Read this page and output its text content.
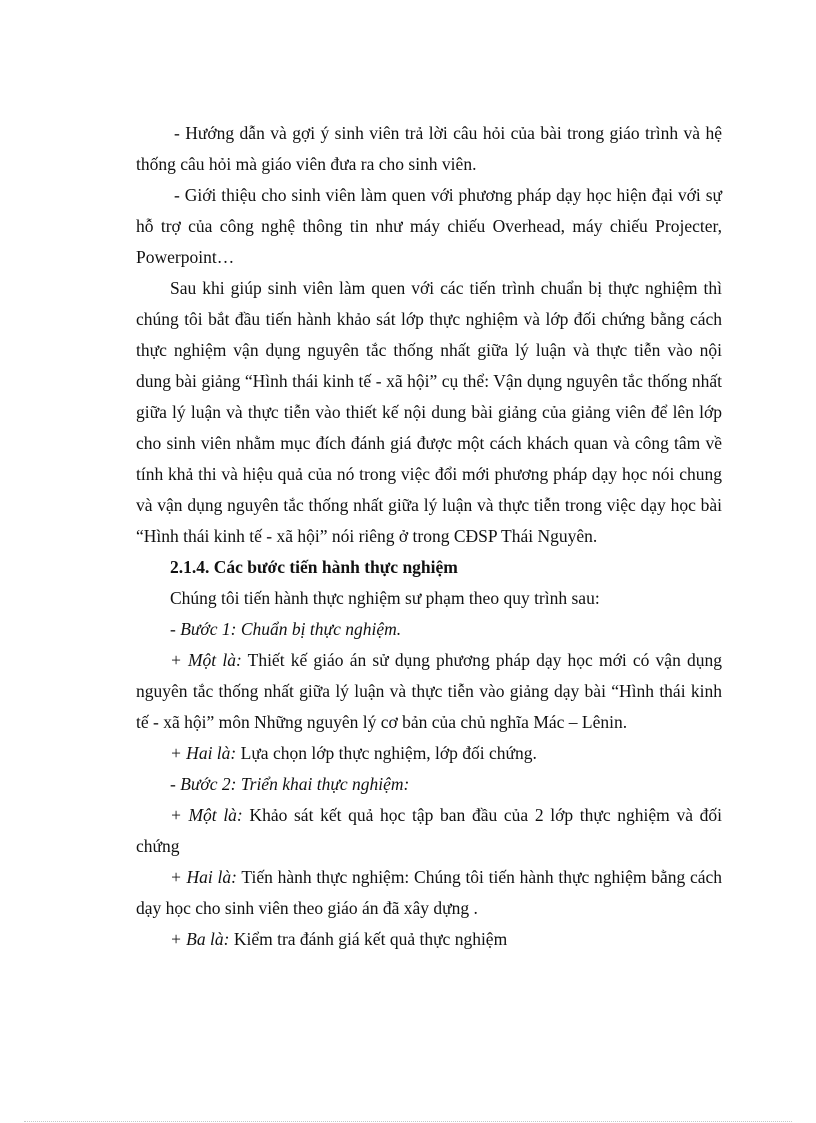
- Hướng dẫn và gợi ý sinh viên trả lời câu hỏi của bài trong giáo trình và hệ thống câu hỏi mà giáo viên đưa ra cho sinh viên.

- Giới thiệu cho sinh viên làm quen với phương pháp dạy học hiện đại với sự hỗ trợ của công nghệ thông tin như máy chiếu Overhead, máy chiếu Projecter, Powerpoint…

Sau khi giúp sinh viên làm quen với các tiến trình chuẩn bị thực nghiệm thì chúng tôi bắt đầu tiến hành khảo sát lớp thực nghiệm và lớp đối chứng bằng cách thực nghiệm vận dụng nguyên tắc thống nhất giữa lý luận và thực tiễn vào nội dung bài giảng “Hình thái kinh tế - xã hội” cụ thể: Vận dụng nguyên tắc thống nhất giữa lý luận và thực tiễn vào thiết kế nội dung bài giảng của giảng viên để lên lớp cho sinh viên nhằm mục đích đánh giá được một cách khách quan và công tâm về tính khả thi và hiệu quả của nó trong việc đổi mới phương pháp dạy học nói chung và vận dụng nguyên tắc thống nhất giữa lý luận và thực tiễn trong việc dạy học bài “Hình thái kinh tế - xã hội” nói riêng ở trong CĐSP Thái Nguyên.

2.1.4. Các bước tiến hành thực nghiệm

Chúng tôi tiến hành thực nghiệm sư phạm theo quy trình sau:

- Bước 1: Chuẩn bị thực nghiệm.

+ Một là: Thiết kế giáo án sử dụng phương pháp dạy học mới có vận dụng nguyên tắc thống nhất giữa lý luận và thực tiễn vào giảng dạy bài “Hình thái kinh tế - xã hội” môn Những nguyên lý cơ bản của chủ nghĩa Mác – Lênin.

+ Hai là: Lựa chọn lớp thực nghiệm, lớp đối chứng.

- Bước 2: Triển khai thực nghiệm:

+ Một là: Khảo sát kết quả học tập ban đầu của 2 lớp thực nghiệm và đối chứng

+ Hai là: Tiến hành thực nghiệm: Chúng tôi tiến hành thực nghiệm bằng cách dạy học cho sinh viên theo giáo án đã xây dựng .

+ Ba là: Kiểm tra đánh giá kết quả thực nghiệm
